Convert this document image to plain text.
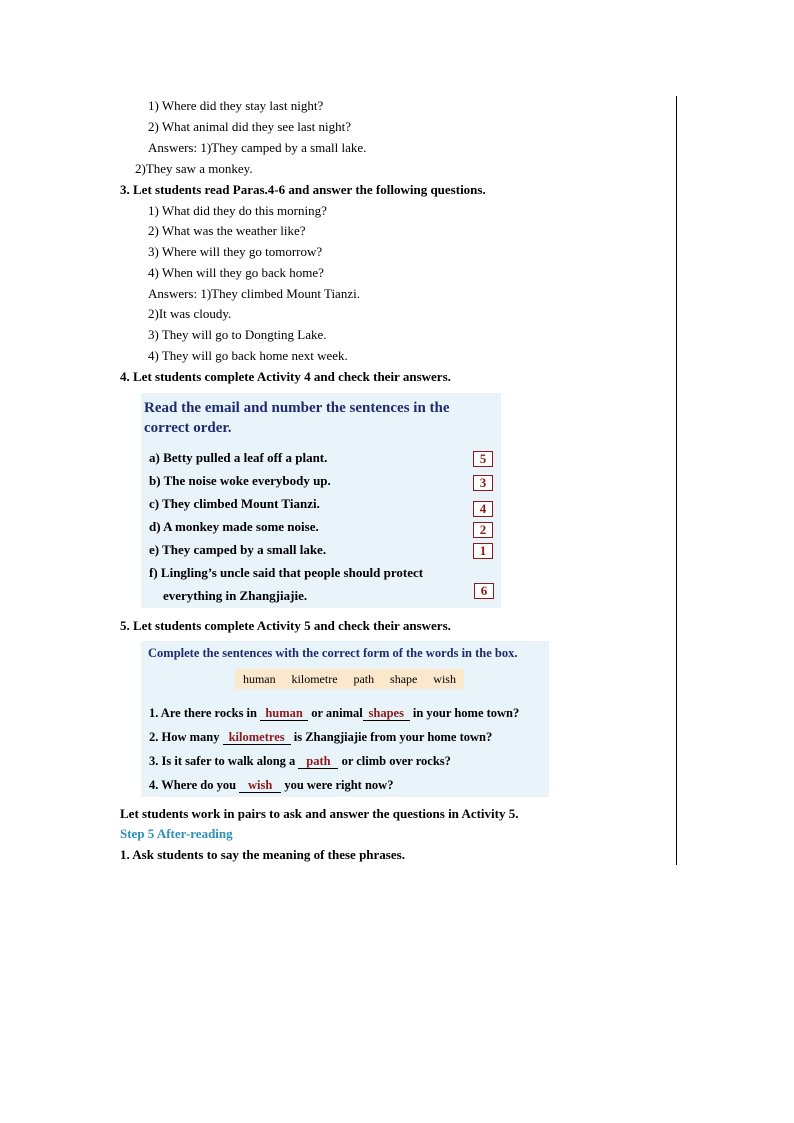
1) Where did they stay last night?
2) What animal did they see last night?
Answers: 1)They camped by a small lake.
2)They saw a monkey.
3. Let students read Paras.4-6 and answer the following questions.
1) What did they do this morning?
2) What was the weather like?
3) Where will they go tomorrow?
4) When will they go back home?
Answers: 1)They climbed Mount Tianzi.
2)It was cloudy.
3) They will go to Dongting Lake.
4) They will go back home next week.
4. Let students complete Activity 4 and check their answers.
Read the email and number the sentences in the correct order.
a) Betty pulled a leaf off a plant.	5
b) The noise woke everybody up.	3
c) They climbed Mount Tianzi.	4
d) A monkey made some noise.	2
e) They camped by a small lake.	1
f) Lingling’s uncle said that people should protect
everything in Zhangjiajie.	6
5. Let students complete Activity 5 and check their answers.
Complete the sentences with the correct form of the words in the box.
human kilometre path shape wish
1. Are there rocks in human or animal shapes in your home town?
2. How many kilometres is Zhangjiajie from your home town?
3. Is it safer to walk along a path or climb over rocks?
4. Where do you wish you were right now?
Let students work in pairs to ask and answer the questions in Activity 5.
Step 5 After-reading
1. Ask students to say the meaning of these phrases.
